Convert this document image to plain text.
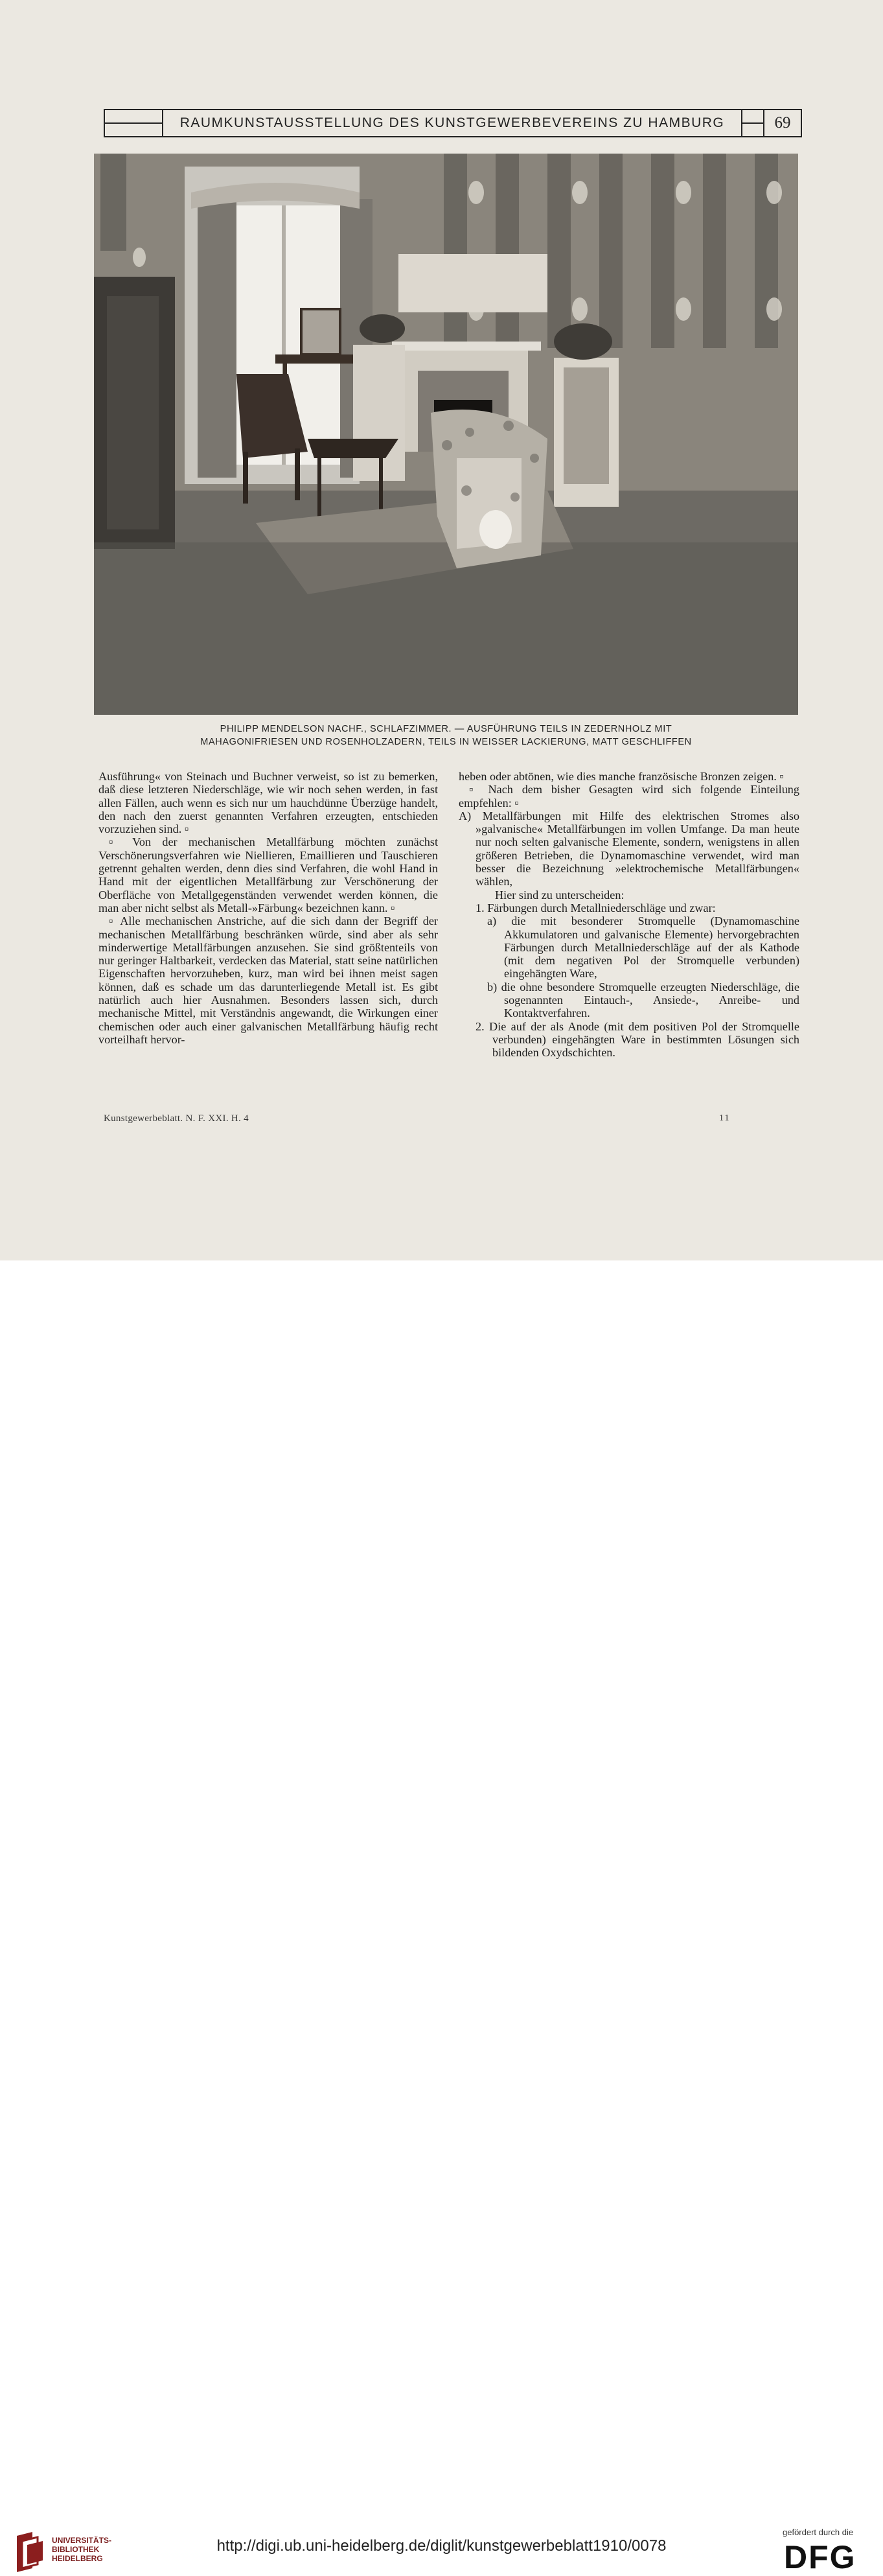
RAUMKUNSTAUSSTELLUNG DES KUNSTGEWERBEVEREINS ZU HAMBURG	69
PHILIPP MENDELSON NACHF., SCHLAFZIMMER. — AUSFÜHRUNG TEILS IN ZEDERNHOLZ MIT
MAHAGONIFRIESEN UND ROSENHOLZADERN, TEILS IN WEISSER LACKIERUNG, MATT GESCHLIFFEN

Ausführung« von Steinach und Buchner verweist, so ist zu bemerken, daß diese letzteren Niederschläge, wie wir noch sehen werden, in fast allen Fällen, auch wenn es sich nur um hauchdünne Überzüge handelt, den nach den zuerst genannten Verfahren erzeugten, entschieden vorzuziehen sind. ▫

▫ Von der mechanischen Metallfärbung möchten zunächst Verschönerungsverfahren wie Niellieren, Emaillieren und Tauschieren getrennt gehalten werden, denn dies sind Verfahren, die wohl Hand in Hand mit der eigentlichen Metallfärbung zur Verschönerung der Oberfläche von Metallgegenständen verwendet werden können, die man aber nicht selbst als Metall-»Färbung« bezeichnen kann. ▫

▫ Alle mechanischen Anstriche, auf die sich dann der Begriff der mechanischen Metallfärbung beschränken würde, sind aber als sehr minderwertige Metallfärbungen anzusehen. Sie sind größtenteils von nur geringer Haltbarkeit, verdecken das Material, statt seine natürlichen Eigenschaften hervorzuheben, kurz, man wird bei ihnen meist sagen können, daß es schade um das darunterliegende Metall ist. Es gibt natürlich auch hier Ausnahmen. Besonders lassen sich, durch mechanische Mittel, mit Verständnis angewandt, die Wirkungen einer chemischen oder auch einer galvanischen Metallfärbung häufig recht vorteilhaft hervor-

heben oder abtönen, wie dies manche französische Bronzen zeigen. ▫

▫ Nach dem bisher Gesagten wird sich folgende Einteilung empfehlen: ▫

A) Metallfärbungen mit Hilfe des elektrischen Stromes also »galvanische« Metallfärbungen im vollen Umfange. Da man heute nur noch selten galvanische Elemente, sondern, wenigstens in allen größeren Betrieben, die Dynamomaschine verwendet, wird man besser die Bezeichnung »elektrochemische Metallfärbungen« wählen,

Hier sind zu unterscheiden:

1. Färbungen durch Metallniederschläge und zwar:

a) die mit besonderer Stromquelle (Dynamomaschine Akkumulatoren und galvanische Elemente) hervorgebrachten Färbungen durch Metallniederschläge auf der als Kathode (mit dem negativen Pol der Stromquelle verbunden) eingehängten Ware,

b) die ohne besondere Stromquelle erzeugten Niederschläge, die sogenannten Eintauch-, Ansiede-, Anreibe- und Kontaktverfahren.

2. Die auf der als Anode (mit dem positiven Pol der Stromquelle verbunden) eingehängten Ware in bestimmten Lösungen sich bildenden Oxydschichten.

Kunstgewerbeblatt. N. F. XXI. H. 4	11
UNIVERSITÄTS-
BIBLIOTHEK
HEIDELBERG
http://digi.ub.uni-heidelberg.de/diglit/kunstgewerbeblatt1910/0078
gefördert durch die
DFG
